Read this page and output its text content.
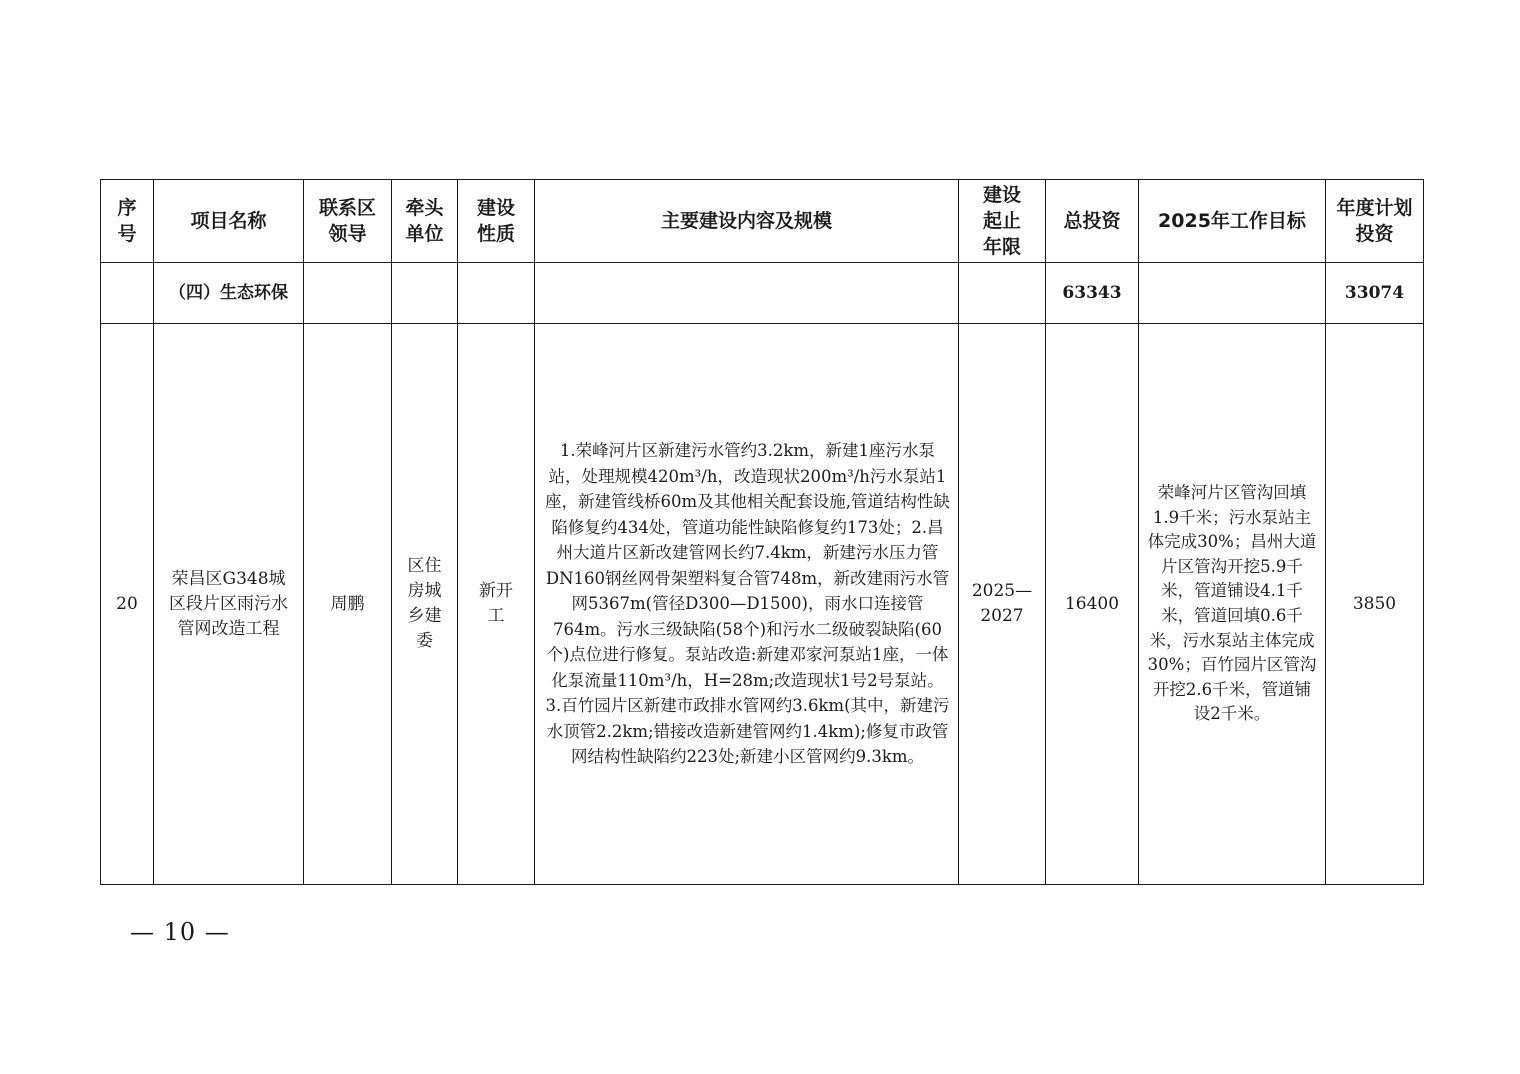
序号	项目名称	联系区领导	牵头单位	建设性质	主要建设内容及规模	建设起止年限	总投资	2025年工作目标	年度计划投资
	（四）生态环保						63343		33074
20	荣昌区G348城区段片区雨污水管网改造工程	周鹏	区住房城乡建委	新开工	1.荣峰河片区新建污水管约3.2km，新建1座污水泵站，处理规模420m³/h，改造现状200m³/h污水泵站1座，新建管线桥60m及其他相关配套设施,管道结构性缺陷修复约434处，管道功能性缺陷修复约173处；2.昌州大道片区新改建管网长约7.4km，新建污水压力管DN160钢丝网骨架塑料复合管748m，新改建雨污水管网5367m(管径D300—D1500)，雨水口连接管764m。污水三级缺陷(58个)和污水二级破裂缺陷(60个)点位进行修复。泵站改造:新建邓家河泵站1座，一体化泵流量110m³/h，H=28m;改造现状1号2号泵站。3.百竹园片区新建市政排水管网约3.6km(其中，新建污水顶管2.2km;错接改造新建管网约1.4km);修复市政管网结构性缺陷约223处;新建小区管网约9.3km。	2025—2027	16400	荣峰河片区管沟回填1.9千米；污水泵站主体完成30%；昌州大道片区管沟开挖5.9千米，管道铺设4.1千米，管道回填0.6千米，污水泵站主体完成30%；百竹园片区管沟开挖2.6千米，管道铺设2千米。	3850
— 10 —
